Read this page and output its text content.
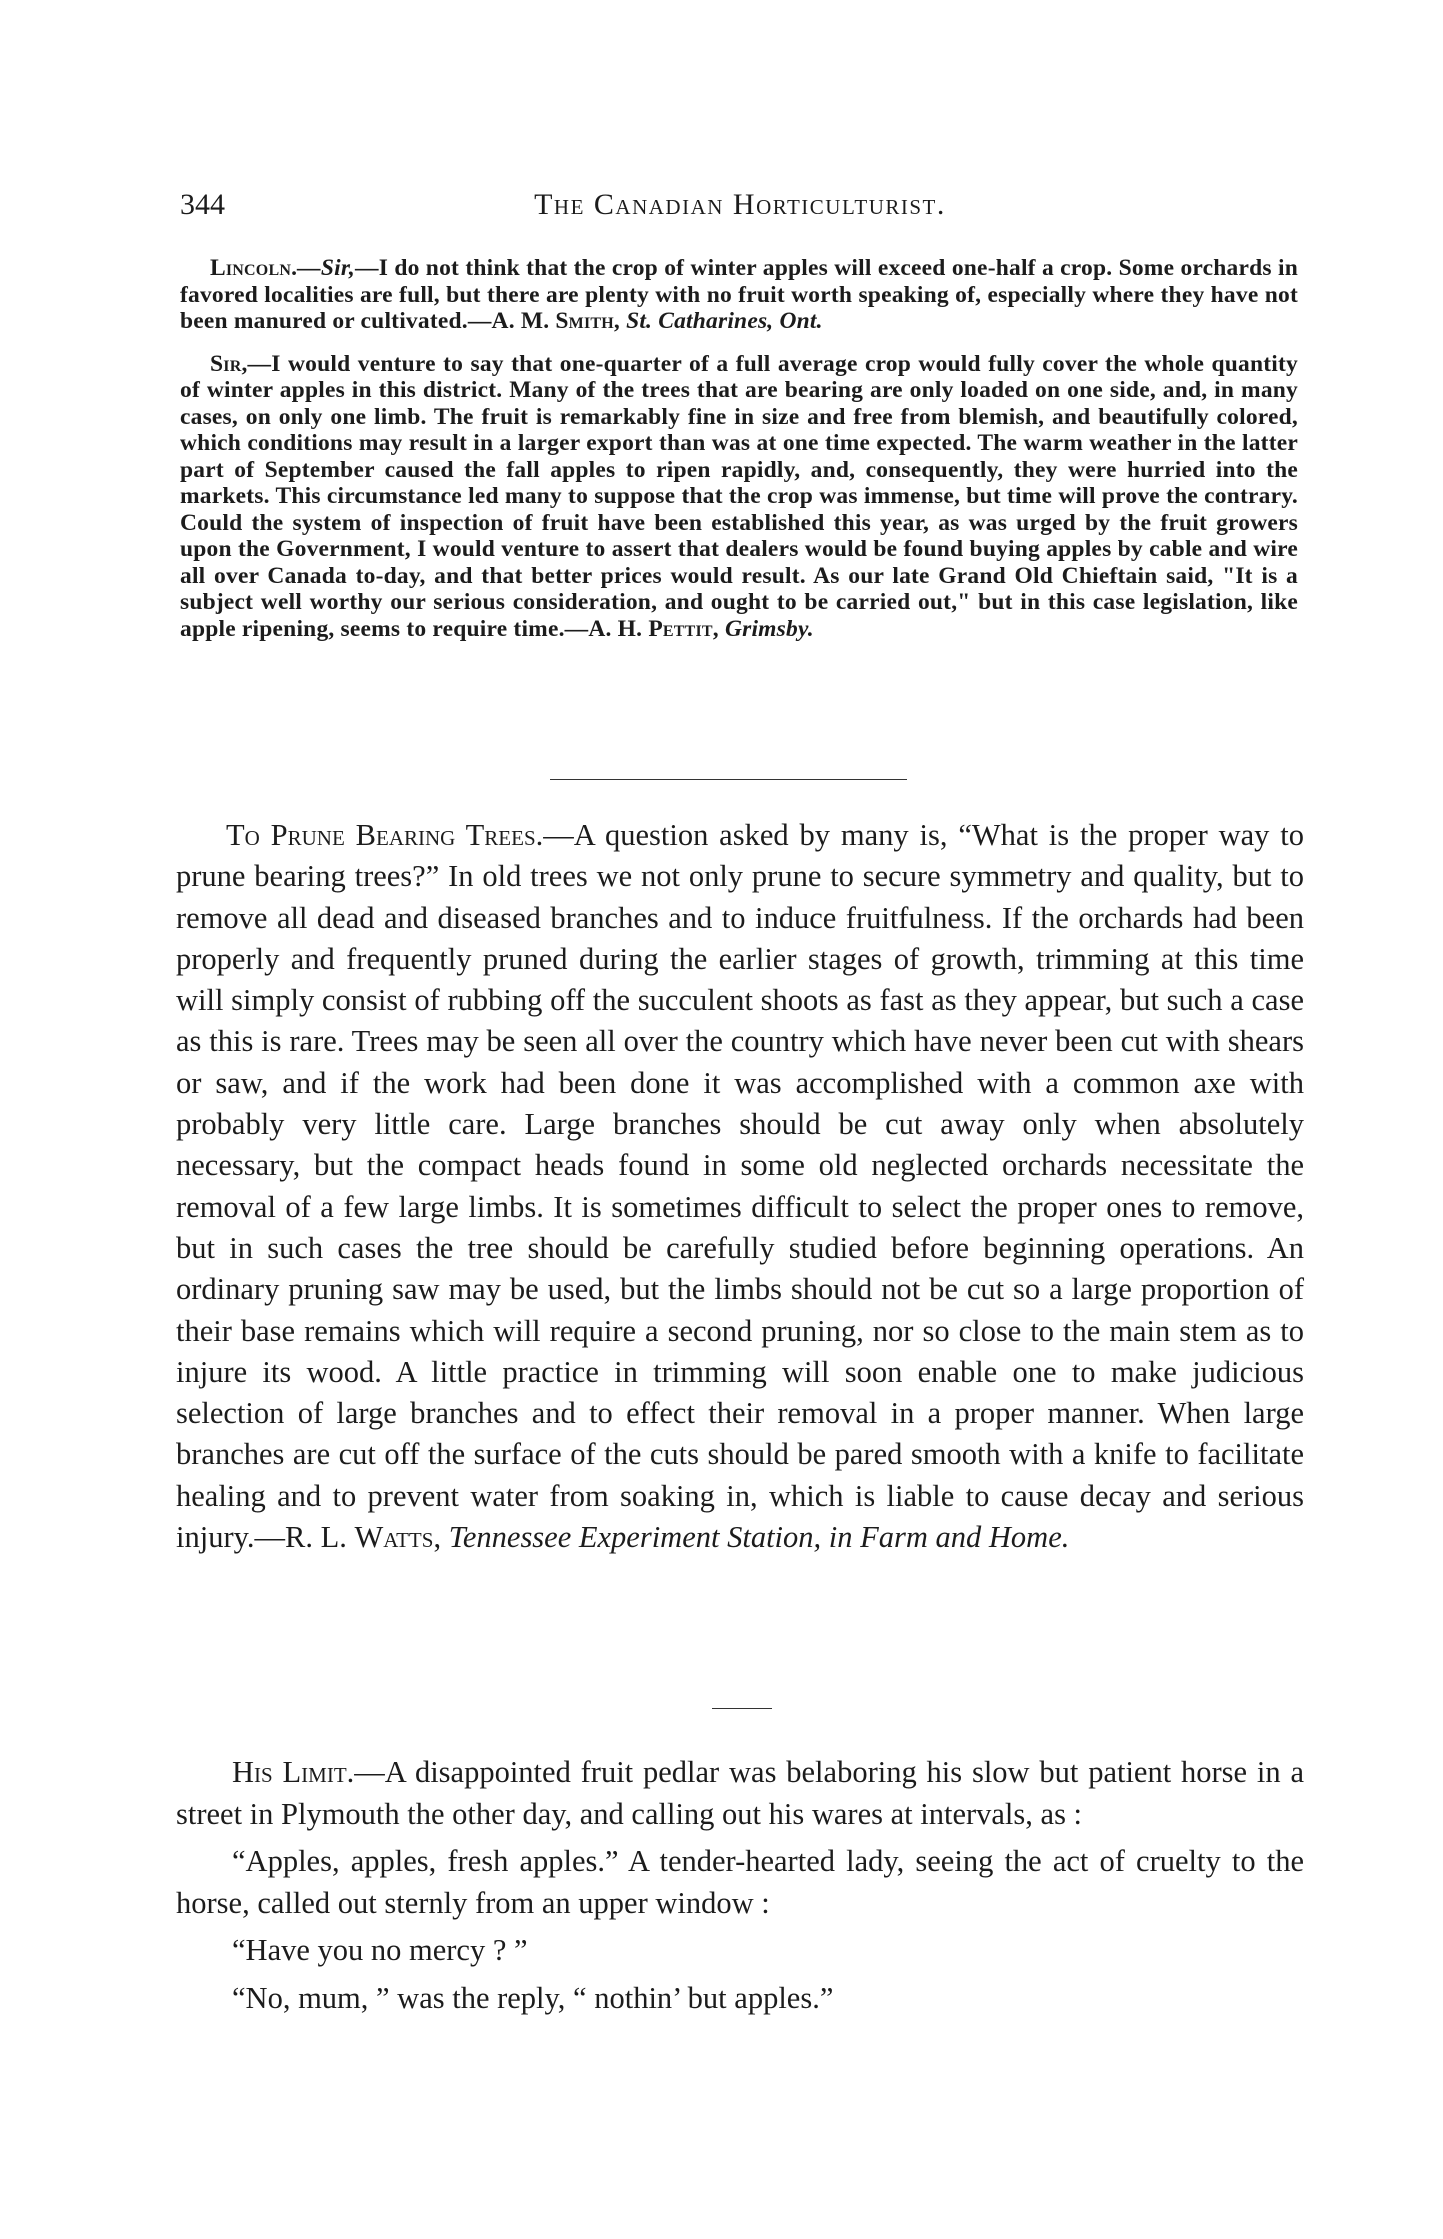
344	The Canadian Horticulturist.

Lincoln.—Sir,—I do not think that the crop of winter apples will exceed one-half a crop. Some orchards in favored localities are full, but there are plenty with no fruit worth speaking of, especially where they have not been manured or cultivated.—A. M. Smith, St. Catharines, Ont.

Sir,—I would venture to say that one-quarter of a full average crop would fully cover the whole quantity of winter apples in this district. Many of the trees that are bearing are only loaded on one side, and, in many cases, on only one limb. The fruit is remarkably fine in size and free from blemish, and beautifully colored, which conditions may result in a larger export than was at one time expected. The warm weather in the latter part of September caused the fall apples to ripen rapidly, and, consequently, they were hurried into the markets. This circumstance led many to suppose that the crop was immense, but time will prove the contrary. Could the system of inspection of fruit have been established this year, as was urged by the fruit growers upon the Government, I would venture to assert that dealers would be found buying apples by cable and wire all over Canada to-day, and that better prices would result. As our late Grand Old Chieftain said, "It is a subject well worthy our serious consideration, and ought to be carried out," but in this case legislation, like apple ripening, seems to require time.—A. H. Pettit, Grimsby.

To Prune Bearing Trees.—A question asked by many is, “What is the proper way to prune bearing trees?” In old trees we not only prune to secure symmetry and quality, but to remove all dead and diseased branches and to induce fruitfulness. If the orchards had been properly and frequently pruned during the earlier stages of growth, trimming at this time will simply consist of rubbing off the succulent shoots as fast as they appear, but such a case as this is rare. Trees may be seen all over the country which have never been cut with shears or saw, and if the work had been done it was accomplished with a common axe with probably very little care. Large branches should be cut away only when absolutely necessary, but the compact heads found in some old neglected orchards necessitate the removal of a few large limbs. It is sometimes difficult to select the proper ones to remove, but in such cases the tree should be carefully studied before beginning operations. An ordinary pruning saw may be used, but the limbs should not be cut so a large proportion of their base remains which will require a second pruning, nor so close to the main stem as to injure its wood. A little practice in trimming will soon enable one to make judicious selection of large branches and to effect their removal in a proper manner. When large branches are cut off the surface of the cuts should be pared smooth with a knife to facilitate healing and to prevent water from soaking in, which is liable to cause decay and serious injury.—R. L. Watts, Tennessee Experiment Station, in Farm and Home.

His Limit.—A disappointed fruit pedlar was belaboring his slow but patient horse in a street in Plymouth the other day, and calling out his wares at intervals, as :

“Apples, apples, fresh apples.” A tender-hearted lady, seeing the act of cruelty to the horse, called out sternly from an upper window :

“Have you no mercy ? ”

“No, mum, ” was the reply, “ nothin’ but apples.”
